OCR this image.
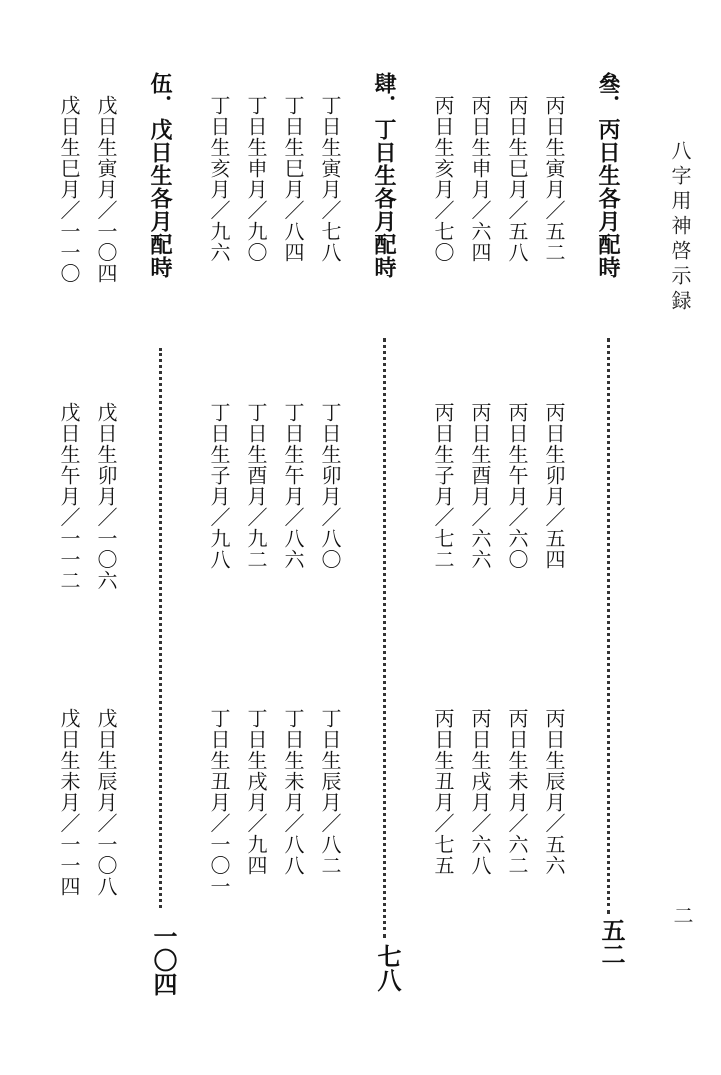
八字用神啓示録
二
叄．丙日生各月配時
五二
丙日生寅月／五二
丙日生卯月／五四
丙日生辰月／五六
丙日生巳月／五八
丙日生午月／六〇
丙日生未月／六二
丙日生申月／六四
丙日生酉月／六六
丙日生戌月／六八
丙日生亥月／七〇
丙日生子月／七二
丙日生丑月／七五
肆．丁日生各月配時
七八
丁日生寅月／七八
丁日生卯月／八〇
丁日生辰月／八二
丁日生巳月／八四
丁日生午月／八六
丁日生未月／八八
丁日生申月／九〇
丁日生酉月／九二
丁日生戌月／九四
丁日生亥月／九六
丁日生子月／九八
丁日生丑月／一〇一
伍．戊日生各月配時
一〇四
戊日生寅月／一〇四
戊日生卯月／一〇六
戊日生辰月／一〇八
戊日生巳月／一一〇
戊日生午月／一一二
戊日生未月／一一四
